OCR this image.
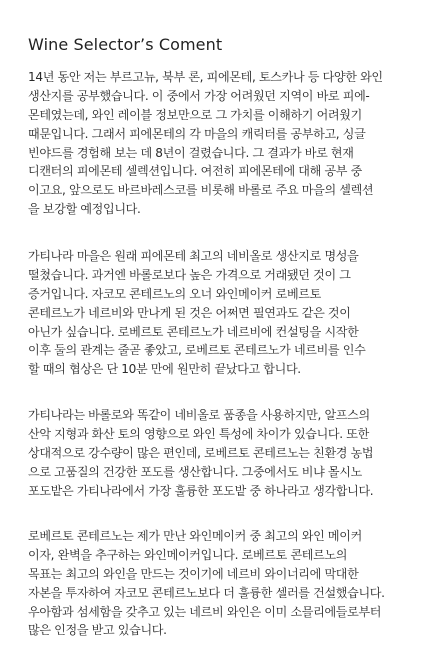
Wine Selector’s Coment
14년 동안 저는 부르고뉴, 북부 론, 피에몬테, 토스카나 등 다양한 와인
생산지를 공부했습니다. 이 중에서 가장 어려웠던 지역이 바로 피에-
몬테였는데, 와인 레이블 정보만으로 그 가치를 이해하기 어려웠기
때문입니다. 그래서 피에몬테의 각 마을의 캐릭터를 공부하고, 싱글
빈야드를 경험해 보는 데 8년이 걸렸습니다. 그 결과가 바로 현재
디캔터의 피에몬테 셀렉션입니다. 여전히 피에몬테에 대해 공부 중
이고요, 앞으로도 바르바레스코를 비롯해 바롤로 주요 마을의 셀렉션
을 보강할 예정입니다.
가티나라 마을은 원래 피에몬테 최고의 네비올로 생산지로 명성을
떨쳤습니다. 과거엔 바롤로보다 높은 가격으로 거래됐던 것이 그
증거입니다. 자코모 콘테르노의 오너 와인메이커 로베르토
콘테르노가 네르비와 만나게 된 것은 어쩌면 필연과도 같은 것이
아닌가 싶습니다. 로베르토 콘테르노가 네르비에 컨설팅을 시작한
이후 둘의 관계는 줄곧 좋았고, 로베르토 콘테르노가 네르비를 인수
할 때의 협상은 단 10분 만에 원만히 끝났다고 합니다.
가티나라는 바롤로와 똑같이 네비올로 품종을 사용하지만, 알프스의
산악 지형과 화산 토의 영향으로 와인 특성에 차이가 있습니다. 또한
상대적으로 강수량이 많은 편인데, 로베르토 콘테르노는 친환경 농법
으로 고품질의 건강한 포도를 생산합니다. 그중에서도 비냐 몰시노
포도밭은 가티나라에서 가장 훌륭한 포도밭 중 하나라고 생각합니다.
로베르토 콘테르노는 제가 만난 와인메이커 중 최고의 와인 메이커
이자, 완벽을 추구하는 와인메이커입니다. 로베르토 콘테르노의
목표는 최고의 와인을 만드는 것이기에 네르비 와이너리에 막대한
자본을 투자하여 자코모 콘테르노보다 더 훌륭한 셀러를 건설했습니다.
우아함과 섬세함을 갖추고 있는 네르비 와인은 이미 소믈리에들로부터
많은 인정을 받고 있습니다.
